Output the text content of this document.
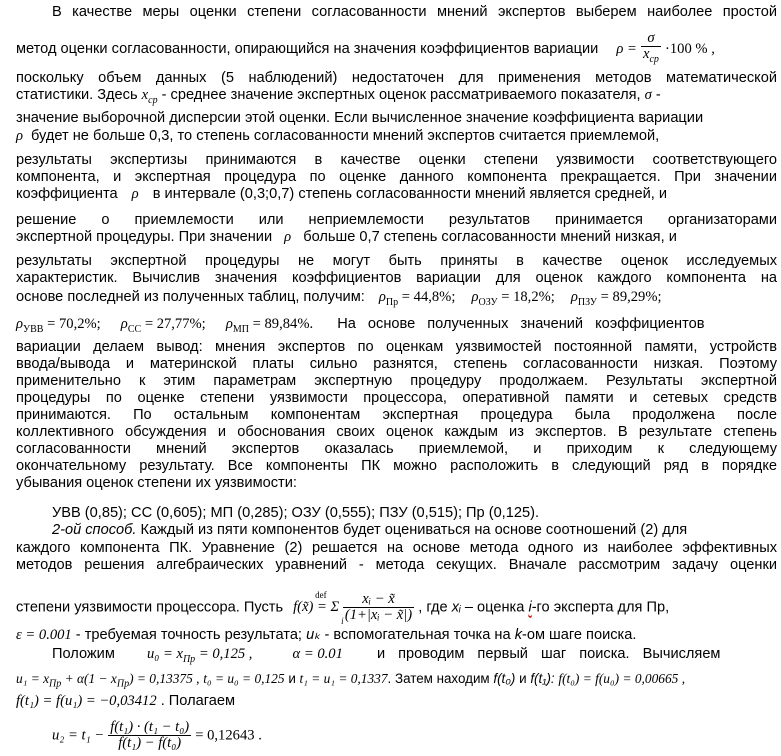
В качестве меры оценки степени согласованности мнений экспертов выберем наиболее простой
метод оценки согласованности, опирающийся на значения коэффициентов вариации $\rho = \frac{\sigma}{x_{ср}} \cdot 100$ % ,
поскольку объем данных (5 наблюдений) недостаточен для применения методов математической
статистики. Здесь $x_{ср}$ - среднее значение экспертных оценок рассматриваемого показателя, σ -
значение выборочной дисперсии этой оценки. Если вычисленное значение коэффициента вариации
ρ будет не больше 0,3, то степень согласованности мнений экспертов считается приемлемой,
результаты экспертизы принимаются в качестве оценки степени уязвимости соответствующего
компонента, и экспертная процедура по оценке данного компонента прекращается. При значении
коэффициента ρ в интервале (0,3;0,7) степень согласованности мнений является средней, и
решение о приемлемости или неприемлемости результатов принимается организаторами
экспертной процедуры. При значении ρ больше 0,7 степень согласованности мнений низкая, и
результаты экспертной процедуры не могут быть приняты в качестве оценок исследуемых
характеристик. Вычислив значения коэффициентов вариации для оценок каждого компонента на
основе последней из полученных таблиц, получим: $\rho_{Пр} = 44,8\%$; $\rho_{ОЗУ} = 18,2\%$; $\rho_{ПЗУ} = 89,29\%$;
$\rho_{УВВ} = 70,2\%$; $\rho_{СС} = 27,77\%$; $\rho_{МП} = 89,84\%$. На основе полученных значений коэффициентов
вариации делаем вывод: мнения экспертов по оценкам уязвимостей постоянной памяти, устройств
ввода/вывода и материнской платы сильно разнятся, степень согласованности низкая. Поэтому
применительно к этим параметрам экспертную процедуру продолжаем. Результаты экспертной
процедуры по оценке степени уязвимости процессора, оперативной памяти и сетевых средств
принимаются. По остальным компонентам экспертная процедура была продолжена после
коллективного обсуждения и обоснования своих оценок каждым из экспертов. В результате степень
согласованности мнений экспертов оказалась приемлемой, и приходим к следующему
окончательному результату. Все компоненты ПК можно расположить в следующий ряд в порядке
убывания оценок степени их уязвимости:
УВВ (0,85); СС (0,605); МП (0,285); ОЗУ (0,555); ПЗУ (0,515); Пр (0,125).
2-ой способ. Каждый из пяти компонентов будет оцениваться на основе соотношений (2) для
каждого компонента ПК. Уравнение (2) решается на основе метода одного из наиболее эффективных
методов решения алгебраических уравнений - метода секущих. Вначале рассмотрим задачу оценки
степени уязвимости процессора. Пусть f(x̃) = Σ
def
i $\frac{\text{xᵢ − x̃}}{\text{(1+|xᵢ − x̃|)}}$ , где xᵢ – оценка i-го эксперта для Пр,
ε = 0.001 - требуемая точность результата; uₖ - вспомогательная точка на k-ом шаге поиска.
Положим $u_0 = x_{Пр} = 0,125$ ,	α = 0.01 и проводим первый шаг поиска. Вычисляем
$u_1 = x_{Пр} + \alpha(1 - x_{Пр}) = 0,13375$ , t₀ = u₀ = 0,125 и t₁ = u₁ = 0,1337. Затем находим f(t₀) и f(t₁): f(t₀) = f(u₀) = 0,00665 ,
f(t₁) = f(u₁) = −0,03412 . Полагаем
$u_2 = t_1 - \frac{\text{f(t₁) · (t₁ − t₀)}}{\text{f(t₁) − f(t₀)}} = 0,12643$ .
